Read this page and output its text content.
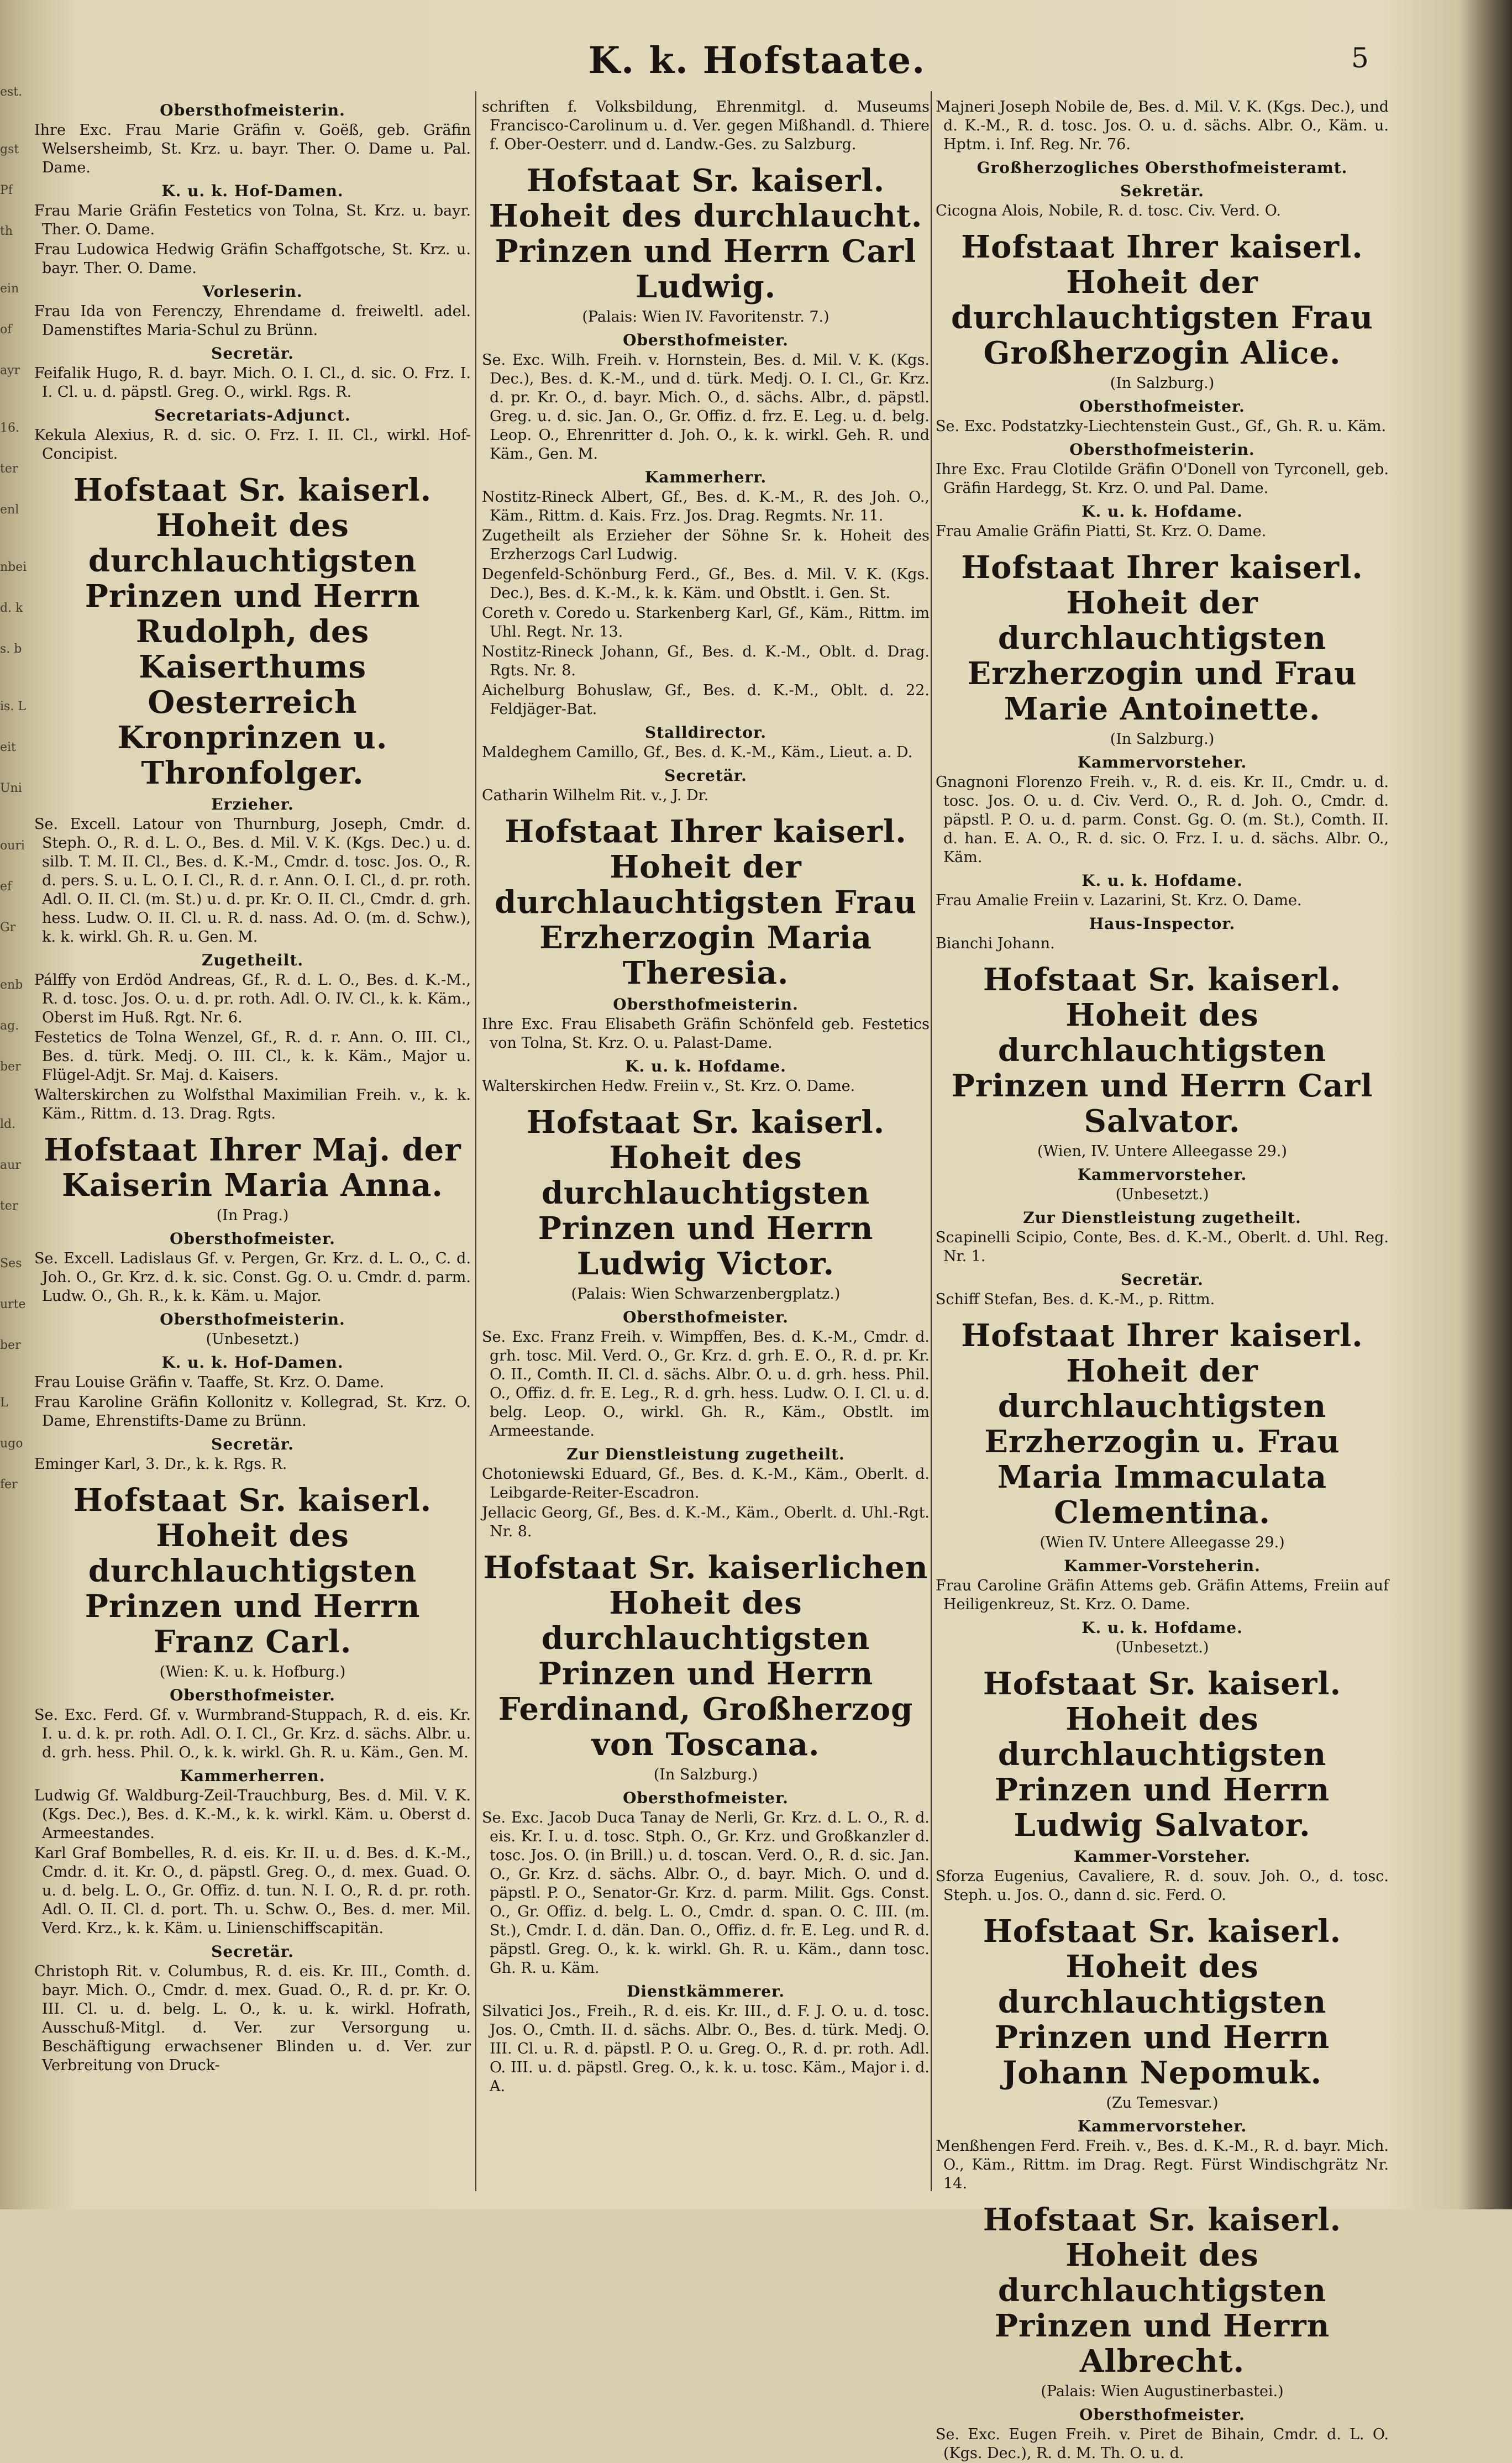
est.
gst
Pf
th
ein
of
ayr
16.
ter
enl
nbei
d. k
s. b
is. L
eit
Uni
ouri
ef
Gr
enb
ag.
ber
ld.
aur
ter
Ses
urte
ber
L
ugo
fer
K. k. Hofstaate.	5
Obersthofmeisterin.
Ihre Exc. Frau Marie Gräfin v. Goëß, geb. Gräfin Welsersheimb, St. Krz. u. bayr. Ther. O. Dame u. Pal. Dame.
K. u. k. Hof-Damen.
Frau Marie Gräfin Festetics von Tolna, St. Krz. u. bayr. Ther. O. Dame.
Frau Ludowica Hedwig Gräfin Schaffgotsche, St. Krz. u. bayr. Ther. O. Dame.
Vorleserin.
Frau Ida von Ferenczy, Ehrendame d. freiweltl. adel. Damenstiftes Maria-Schul zu Brünn.
Secretär.
Feifalik Hugo, R. d. bayr. Mich. O. I. Cl., d. sic. O. Frz. I. I. Cl. u. d. päpstl. Greg. O., wirkl. Rgs. R.
Secretariats-Adjunct.
Kekula Alexius, R. d. sic. O. Frz. I. II. Cl., wirkl. Hof-Concipist.
Hofstaat Sr. kaiserl. Hoheit des durchlauchtigsten Prinzen und Herrn Rudolph, des Kaiserthums Oesterreich Kronprinzen u. Thronfolger.
Erzieher.
Se. Excell. Latour von Thurnburg, Joseph, Cmdr. d. Steph. O., R. d. L. O., Bes. d. Mil. V. K. (Kgs. Dec.) u. d. silb. T. M. II. Cl., Bes. d. K.-M., Cmdr. d. tosc. Jos. O., R. d. pers. S. u. L. O. I. Cl., R. d. r. Ann. O. I. Cl., d. pr. roth. Adl. O. II. Cl. (m. St.) u. d. pr. Kr. O. II. Cl., Cmdr. d. grh. hess. Ludw. O. II. Cl. u. R. d. nass. Ad. O. (m. d. Schw.), k. k. wirkl. Gh. R. u. Gen. M.
Zugetheilt.
Pálffy von Erdöd Andreas, Gf., R. d. L. O., Bes. d. K.-M., R. d. tosc. Jos. O. u. d. pr. roth. Adl. O. IV. Cl., k. k. Käm., Oberst im Huß. Rgt. Nr. 6.
Festetics de Tolna Wenzel, Gf., R. d. r. Ann. O. III. Cl., Bes. d. türk. Medj. O. III. Cl., k. k. Käm., Major u. Flügel-Adjt. Sr. Maj. d. Kaisers.
Walterskirchen zu Wolfsthal Maximilian Freih. v., k. k. Käm., Rittm. d. 13. Drag. Rgts.
Hofstaat Ihrer Maj. der Kaiserin Maria Anna.
(In Prag.)
Obersthofmeister.
Se. Excell. Ladislaus Gf. v. Pergen, Gr. Krz. d. L. O., C. d. Joh. O., Gr. Krz. d. k. sic. Const. Gg. O. u. Cmdr. d. parm. Ludw. O., Gh. R., k. k. Käm. u. Major.
Obersthofmeisterin.
(Unbesetzt.)
K. u. k. Hof-Damen.
Frau Louise Gräfin v. Taaffe, St. Krz. O. Dame.
Frau Karoline Gräfin Kollonitz v. Kollegrad, St. Krz. O. Dame, Ehrenstifts-Dame zu Brünn.
Secretär.
Eminger Karl, 3. Dr., k. k. Rgs. R.
Hofstaat Sr. kaiserl. Hoheit des durchlauchtigsten Prinzen und Herrn Franz Carl.
(Wien: K. u. k. Hofburg.)
Obersthofmeister.
Se. Exc. Ferd. Gf. v. Wurmbrand-Stuppach, R. d. eis. Kr. I. u. d. k. pr. roth. Adl. O. I. Cl., Gr. Krz. d. sächs. Albr. u. d. grh. hess. Phil. O., k. k. wirkl. Gh. R. u. Käm., Gen. M.
Kammerherren.
Ludwig Gf. Waldburg-Zeil-Trauchburg, Bes. d. Mil. V. K. (Kgs. Dec.), Bes. d. K.-M., k. k. wirkl. Käm. u. Oberst d. Armeestandes.
Karl Graf Bombelles, R. d. eis. Kr. II. u. d. Bes. d. K.-M., Cmdr. d. it. Kr. O., d. päpstl. Greg. O., d. mex. Guad. O. u. d. belg. L. O., Gr. Offiz. d. tun. N. I. O., R. d. pr. roth. Adl. O. II. Cl. d. port. Th. u. Schw. O., Bes. d. mer. Mil. Verd. Krz., k. k. Käm. u. Linienschiffscapitän.
Secretär.
Christoph Rit. v. Columbus, R. d. eis. Kr. III., Comth. d. bayr. Mich. O., Cmdr. d. mex. Guad. O., R. d. pr. Kr. O. III. Cl. u. d. belg. L. O., k. u. k. wirkl. Hofrath, Ausschuß-Mitgl. d. Ver. zur Versorgung u. Beschäftigung erwachsener Blinden u. d. Ver. zur Verbreitung von Druck-
schriften f. Volksbildung, Ehrenmitgl. d. Museums Francisco-Carolinum u. d. Ver. gegen Mißhandl. d. Thiere f. Ober-Oesterr. und d. Landw.-Ges. zu Salzburg.
Hofstaat Sr. kaiserl. Hoheit des durchlaucht. Prinzen und Herrn Carl Ludwig.
(Palais: Wien IV. Favoritenstr. 7.)
Obersthofmeister.
Se. Exc. Wilh. Freih. v. Hornstein, Bes. d. Mil. V. K. (Kgs. Dec.), Bes. d. K.-M., und d. türk. Medj. O. I. Cl., Gr. Krz. d. pr. Kr. O., d. bayr. Mich. O., d. sächs. Albr., d. päpstl. Greg. u. d. sic. Jan. O., Gr. Offiz. d. frz. E. Leg. u. d. belg. Leop. O., Ehrenritter d. Joh. O., k. k. wirkl. Geh. R. und Käm., Gen. M.
Kammerherr.
Nostitz-Rineck Albert, Gf., Bes. d. K.-M., R. des Joh. O., Käm., Rittm. d. Kais. Frz. Jos. Drag. Regmts. Nr. 11.
Zugetheilt als Erzieher der Söhne Sr. k. Hoheit des Erzherzogs Carl Ludwig.
Degenfeld-Schönburg Ferd., Gf., Bes. d. Mil. V. K. (Kgs. Dec.), Bes. d. K.-M., k. k. Käm. und Obstlt. i. Gen. St.
Coreth v. Coredo u. Starkenberg Karl, Gf., Käm., Rittm. im Uhl. Regt. Nr. 13.
Nostitz-Rineck Johann, Gf., Bes. d. K.-M., Oblt. d. Drag. Rgts. Nr. 8.
Aichelburg Bohuslaw, Gf., Bes. d. K.-M., Oblt. d. 22. Feldjäger-Bat.
Stalldirector.
Maldeghem Camillo, Gf., Bes. d. K.-M., Käm., Lieut. a. D.
Secretär.
Catharin Wilhelm Rit. v., J. Dr.
Hofstaat Ihrer kaiserl. Hoheit der durchlauchtigsten Frau Erzherzogin Maria Theresia.
Obersthofmeisterin.
Ihre Exc. Frau Elisabeth Gräfin Schönfeld geb. Festetics von Tolna, St. Krz. O. u. Palast-Dame.
K. u. k. Hofdame.
Walterskirchen Hedw. Freiin v., St. Krz. O. Dame.
Hofstaat Sr. kaiserl. Hoheit des durchlauchtigsten Prinzen und Herrn Ludwig Victor.
(Palais: Wien Schwarzenbergplatz.)
Obersthofmeister.
Se. Exc. Franz Freih. v. Wimpffen, Bes. d. K.-M., Cmdr. d. grh. tosc. Mil. Verd. O., Gr. Krz. d. grh. E. O., R. d. pr. Kr. O. II., Comth. II. Cl. d. sächs. Albr. O. u. d. grh. hess. Phil. O., Offiz. d. fr. E. Leg., R. d. grh. hess. Ludw. O. I. Cl. u. d. belg. Leop. O., wirkl. Gh. R., Käm., Obstlt. im Armeestande.
Zur Dienstleistung zugetheilt.
Chotoniewski Eduard, Gf., Bes. d. K.-M., Käm., Oberlt. d. Leibgarde-Reiter-Escadron.
Jellacic Georg, Gf., Bes. d. K.-M., Käm., Oberlt. d. Uhl.-Rgt. Nr. 8.
Hofstaat Sr. kaiserlichen Hoheit des durchlauchtigsten Prinzen und Herrn Ferdinand, Großherzog von Toscana.
(In Salzburg.)
Obersthofmeister.
Se. Exc. Jacob Duca Tanay de Nerli, Gr. Krz. d. L. O., R. d. eis. Kr. I. u. d. tosc. Stph. O., Gr. Krz. und Großkanzler d. tosc. Jos. O. (in Brill.) u. d. toscan. Verd. O., R. d. sic. Jan. O., Gr. Krz. d. sächs. Albr. O., d. bayr. Mich. O. und d. päpstl. P. O., Senator-Gr. Krz. d. parm. Milit. Ggs. Const. O., Gr. Offiz. d. belg. L. O., Cmdr. d. span. O. C. III. (m. St.), Cmdr. I. d. dän. Dan. O., Offiz. d. fr. E. Leg. und R. d. päpstl. Greg. O., k. k. wirkl. Gh. R. u. Käm., dann tosc. Gh. R. u. Käm.
Dienstkämmerer.
Silvatici Jos., Freih., R. d. eis. Kr. III., d. F. J. O. u. d. tosc. Jos. O., Cmth. II. d. sächs. Albr. O., Bes. d. türk. Medj. O. III. Cl. u. R. d. päpstl. P. O. u. Greg. O., R. d. pr. roth. Adl. O. III. u. d. päpstl. Greg. O., k. k. u. tosc. Käm., Major i. d. A.
Majneri Joseph Nobile de, Bes. d. Mil. V. K. (Kgs. Dec.), und d. K.-M., R. d. tosc. Jos. O. u. d. sächs. Albr. O., Käm. u. Hptm. i. Inf. Reg. Nr. 76.
Großherzogliches Obersthofmeisteramt.
Sekretär.
Cicogna Alois, Nobile, R. d. tosc. Civ. Verd. O.
Hofstaat Ihrer kaiserl. Hoheit der durchlauchtigsten Frau Großherzogin Alice.
(In Salzburg.)
Obersthofmeister.
Se. Exc. Podstatzky-Liechtenstein Gust., Gf., Gh. R. u. Käm.
Obersthofmeisterin.
Ihre Exc. Frau Clotilde Gräfin O'Donell von Tyrconell, geb. Gräfin Hardegg, St. Krz. O. und Pal. Dame.
K. u. k. Hofdame.
Frau Amalie Gräfin Piatti, St. Krz. O. Dame.
Hofstaat Ihrer kaiserl. Hoheit der durchlauchtigsten Erzherzogin und Frau Marie Antoinette.
(In Salzburg.)
Kammervorsteher.
Gnagnoni Florenzo Freih. v., R. d. eis. Kr. II., Cmdr. u. d. tosc. Jos. O. u. d. Civ. Verd. O., R. d. Joh. O., Cmdr. d. päpstl. P. O. u. d. parm. Const. Gg. O. (m. St.), Comth. II. d. han. E. A. O., R. d. sic. O. Frz. I. u. d. sächs. Albr. O., Käm.
K. u. k. Hofdame.
Frau Amalie Freiin v. Lazarini, St. Krz. O. Dame.
Haus-Inspector.
Bianchi Johann.
Hofstaat Sr. kaiserl. Hoheit des durchlauchtigsten Prinzen und Herrn Carl Salvator.
(Wien, IV. Untere Alleegasse 29.)
Kammervorsteher.
(Unbesetzt.)
Zur Dienstleistung zugetheilt.
Scapinelli Scipio, Conte, Bes. d. K.-M., Oberlt. d. Uhl. Reg. Nr. 1.
Secretär.
Schiff Stefan, Bes. d. K.-M., p. Rittm.
Hofstaat Ihrer kaiserl. Hoheit der durchlauchtigsten Erzherzogin u. Frau Maria Immaculata Clementina.
(Wien IV. Untere Alleegasse 29.)
Kammer-Vorsteherin.
Frau Caroline Gräfin Attems geb. Gräfin Attems, Freiin auf Heiligenkreuz, St. Krz. O. Dame.
K. u. k. Hofdame.
(Unbesetzt.)
Hofstaat Sr. kaiserl. Hoheit des durchlauchtigsten Prinzen und Herrn Ludwig Salvator.
Kammer-Vorsteher.
Sforza Eugenius, Cavaliere, R. d. souv. Joh. O., d. tosc. Steph. u. Jos. O., dann d. sic. Ferd. O.
Hofstaat Sr. kaiserl. Hoheit des durchlauchtigsten Prinzen und Herrn Johann Nepomuk.
(Zu Temesvar.)
Kammervorsteher.
Menßhengen Ferd. Freih. v., Bes. d. K.-M., R. d. bayr. Mich. O., Käm., Rittm. im Drag. Regt. Fürst Windischgrätz Nr. 14.
Hofstaat Sr. kaiserl. Hoheit des durchlauchtigsten Prinzen und Herrn Albrecht.
(Palais: Wien Augustinerbastei.)
Obersthofmeister.
Se. Exc. Eugen Freih. v. Piret de Bihain, Cmdr. d. L. O. (Kgs. Dec.), R. d. M. Th. O. u. d.
